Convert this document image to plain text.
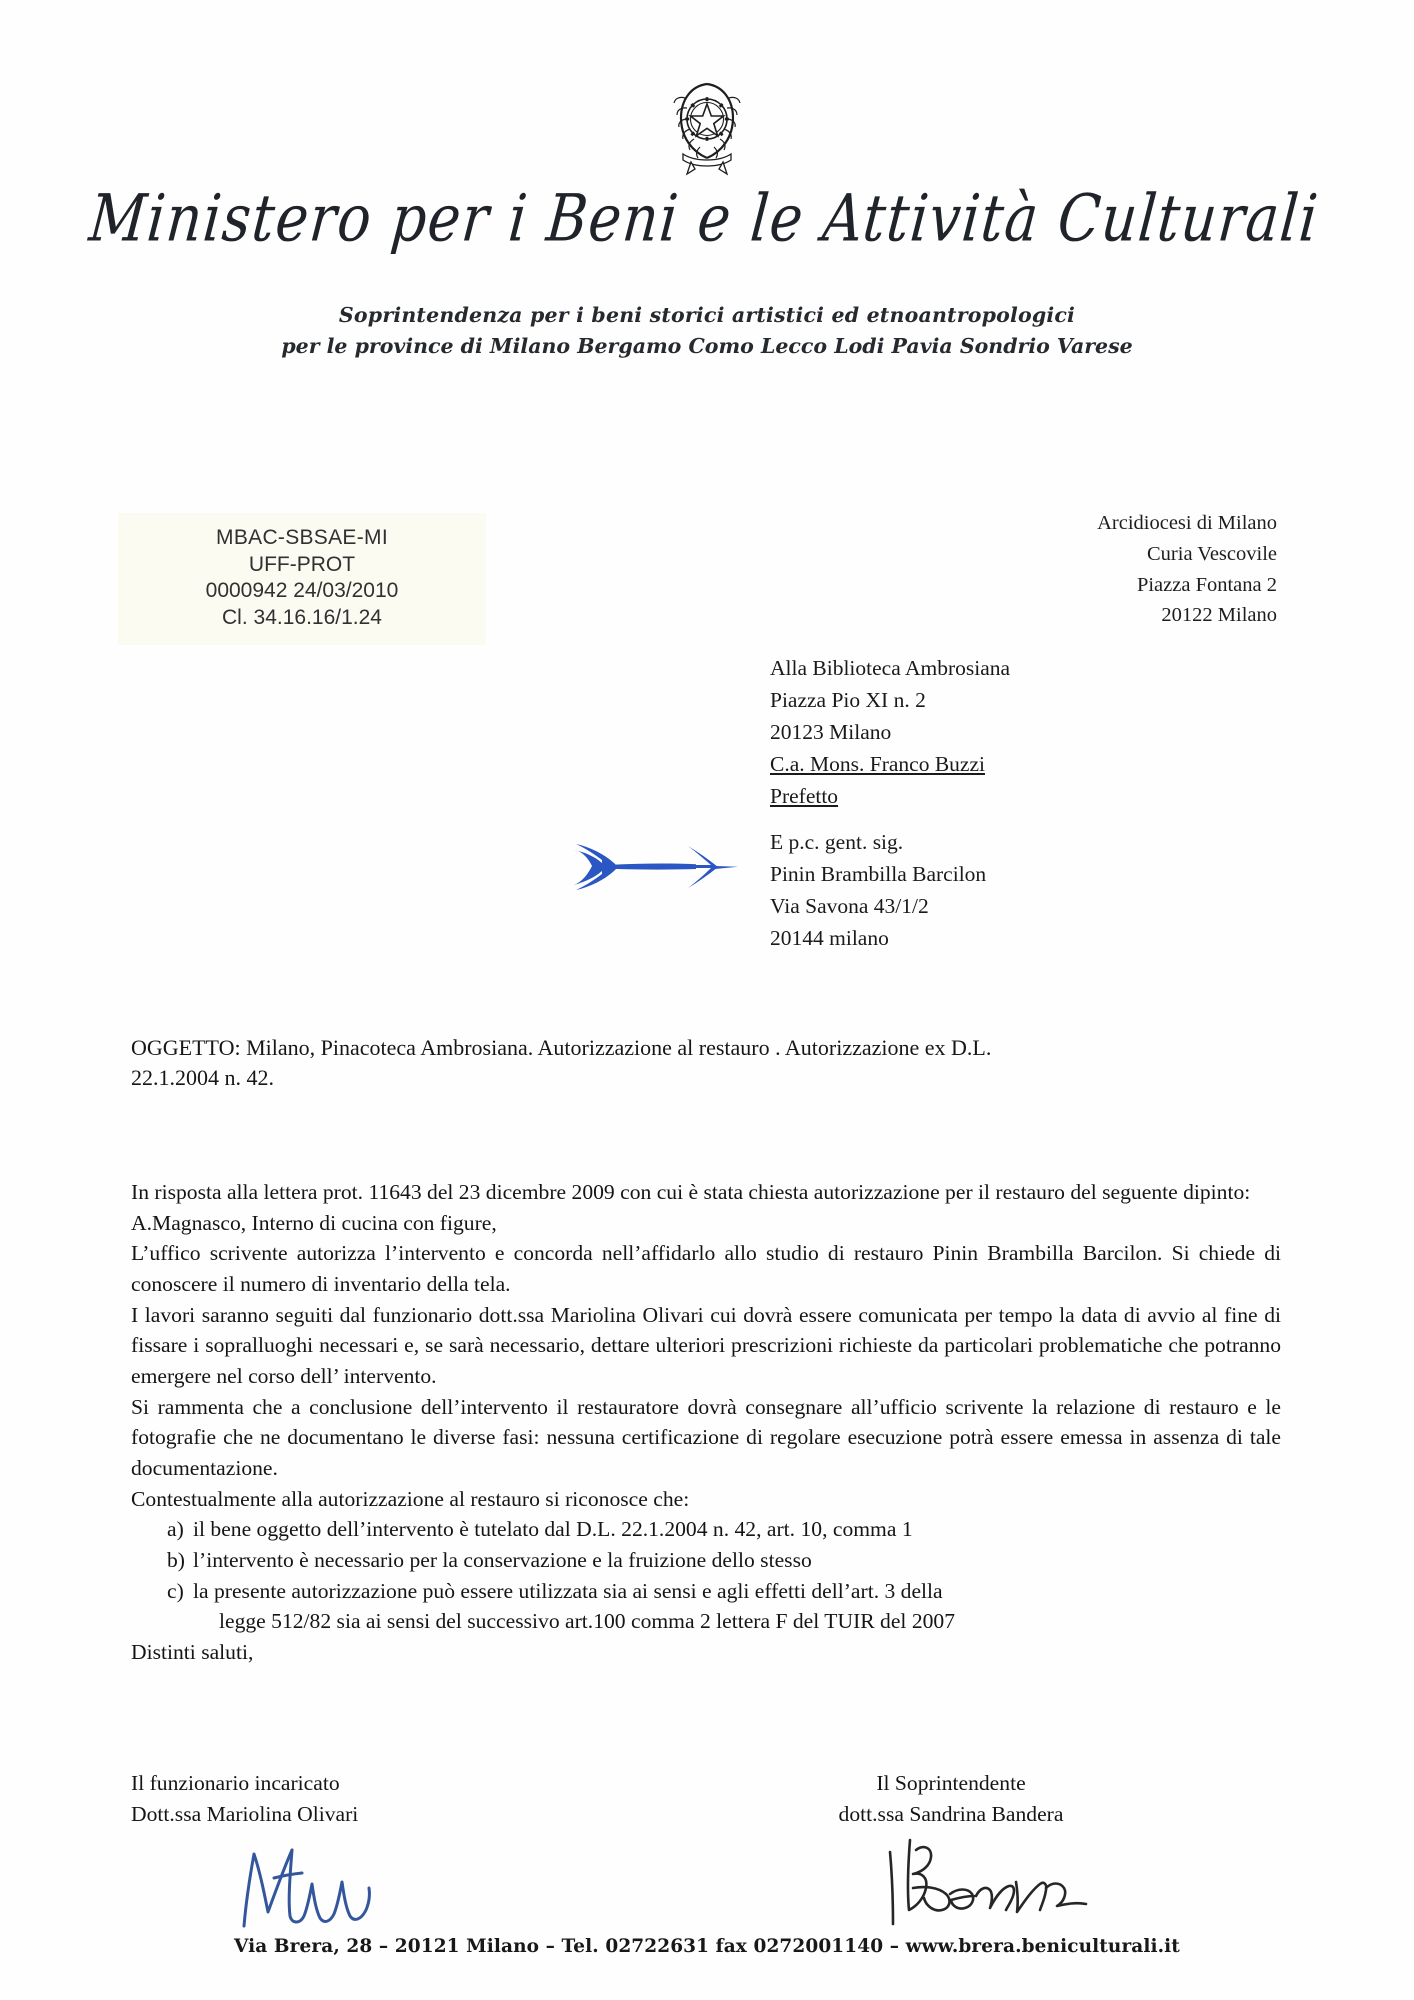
Ministero per i Beni e le Attività Culturali
Soprintendenza per i beni storici artistici ed etnoantropologici
per le province di Milano Bergamo Como Lecco Lodi Pavia Sondrio Varese
MBAC-SBSAE-MI
UFF-PROT
0000942 24/03/2010
Cl. 34.16.16/1.24
Arcidiocesi di Milano
Curia Vescovile
Piazza Fontana 2
20122 Milano
Alla Biblioteca Ambrosiana
Piazza Pio XI n. 2
20123 Milano
C.a. Mons. Franco Buzzi
Prefetto
E p.c. gent. sig.
Pinin Brambilla Barcilon
Via Savona 43/1/2
20144 milano
OGGETTO: Milano, Pinacoteca Ambrosiana. Autorizzazione al restauro . Autorizzazione ex D.L.
22.1.2004 n. 42.

In risposta alla lettera prot. 11643 del 23 dicembre 2009 con cui è stata chiesta autorizzazione per il restauro del seguente dipinto:

A.Magnasco, Interno di cucina con figure,

L’uffico scrivente autorizza l’intervento e concorda nell’affidarlo allo studio di restauro Pinin Brambilla Barcilon. Si chiede di conoscere il numero di inventario della tela.

I lavori saranno seguiti dal funzionario dott.ssa Mariolina Olivari cui dovrà essere comunicata per tempo la data di avvio al fine di fissare i sopralluoghi necessari e, se sarà necessario, dettare ulteriori prescrizioni richieste da particolari problematiche che potranno emergere nel corso dell’ intervento.

Si rammenta che a conclusione dell’intervento il restauratore dovrà consegnare all’ufficio scrivente la relazione di restauro e le fotografie che ne documentano le diverse fasi: nessuna certificazione di regolare esecuzione potrà essere emessa in assenza di tale documentazione.

Contestualmente alla autorizzazione al restauro si riconosce che:

a) il bene oggetto dell’intervento è tutelato dal D.L. 22.1.2004 n. 42, art. 10, comma 1
b) l’intervento è necessario per la conservazione e la fruizione dello stesso
c) la presente autorizzazione può essere utilizzata sia ai sensi e agli effetti dell’art. 3 della
legge 512/82 sia ai sensi del successivo art.100 comma 2 lettera F del TUIR del 2007

Distinti saluti,

Il funzionario incaricato
Dott.ssa Mariolina Olivari
Il Soprintendente
dott.ssa Sandrina Bandera
Via Brera, 28 – 20121 Milano – Tel. 02722631 fax 0272001140 – www.brera.beniculturali.it
